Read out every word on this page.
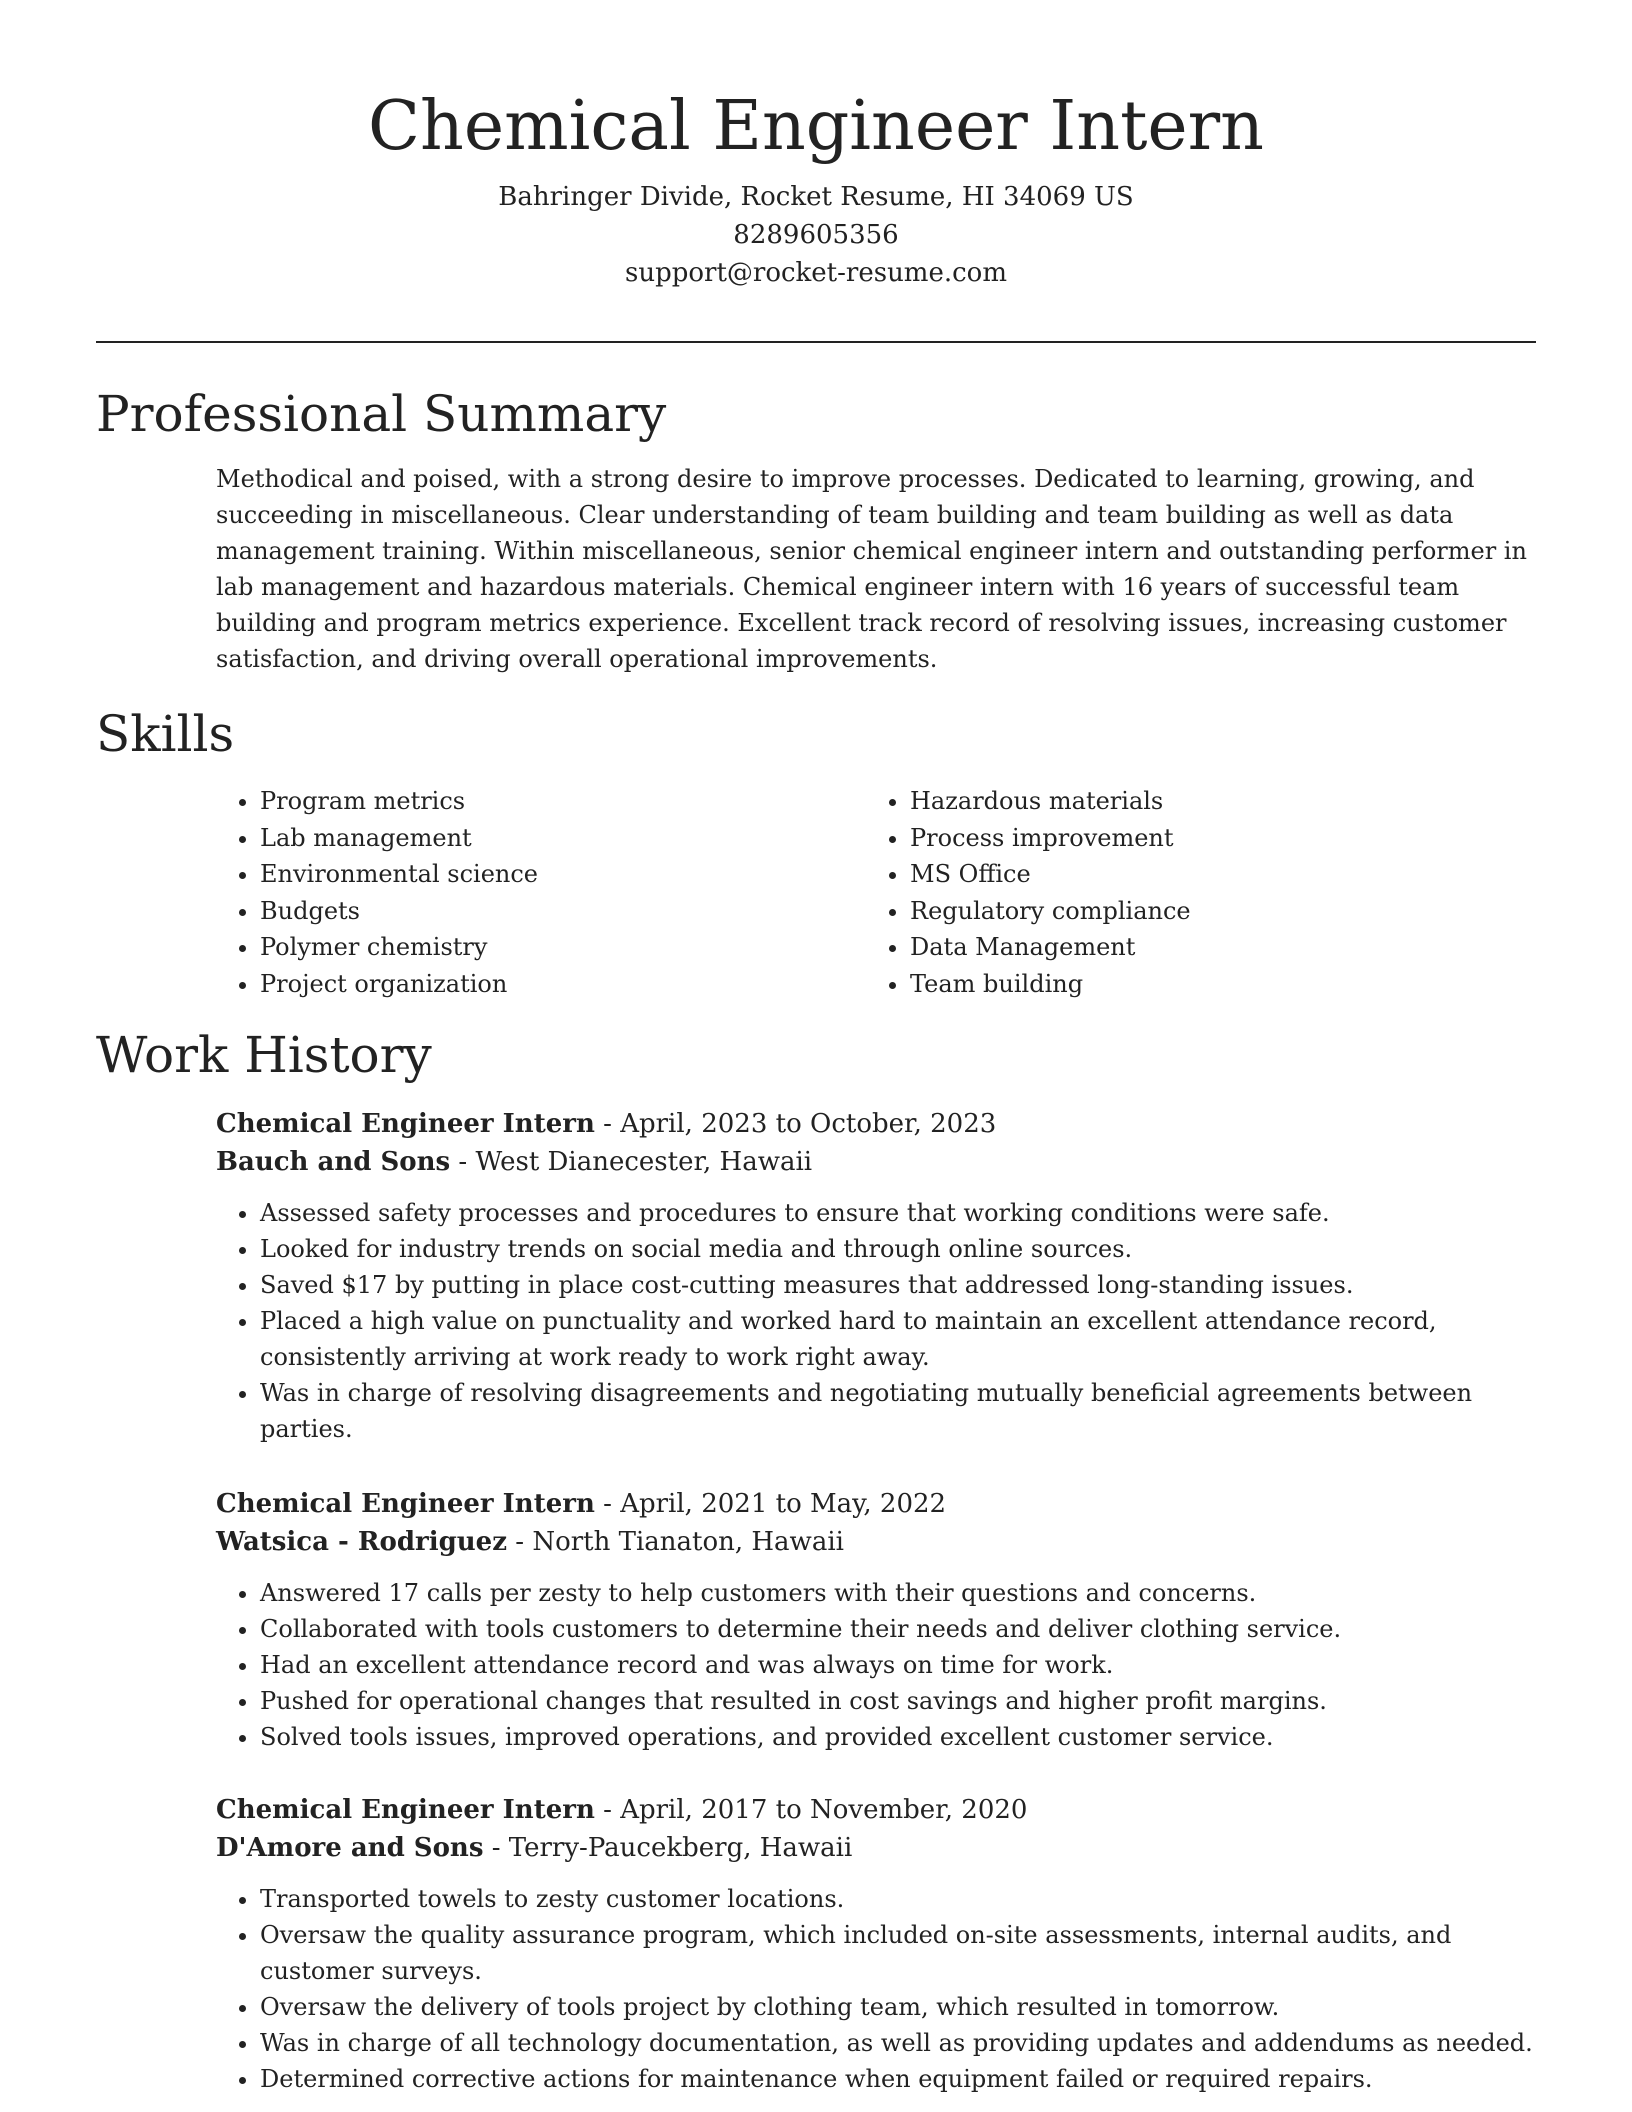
Chemical Engineer Intern
Bahringer Divide, Rocket Resume, HI 34069 US
8289605356
support@rocket-resume.com
Professional Summary

Methodical and poised, with a strong desire to improve processes. Dedicated to learning, growing, and succeeding in miscellaneous. Clear understanding of team building and team building as well as data management training. Within miscellaneous, senior chemical engineer intern and outstanding performer in lab management and hazardous materials. Chemical engineer intern with 16 years of successful team building and program metrics experience. Excellent track record of resolving issues, increasing customer satisfaction, and driving overall operational improvements.

Skills
• Program metrics
• Lab management
• Environmental science
• Budgets
• Polymer chemistry
• Project organization
• Hazardous materials
• Process improvement
• MS Office
• Regulatory compliance
• Data Management
• Team building
Work History
Chemical Engineer Intern - April, 2023 to October, 2023
Bauch and Sons - West Dianecester, Hawaii
• Assessed safety processes and procedures to ensure that working conditions were safe.
• Looked for industry trends on social media and through online sources.
• Saved $17 by putting in place cost-cutting measures that addressed long-standing issues.
• Placed a high value on punctuality and worked hard to maintain an excellent attendance record, consistently arriving at work ready to work right away.
• Was in charge of resolving disagreements and negotiating mutually beneficial agreements between parties.
Chemical Engineer Intern - April, 2021 to May, 2022
Watsica - Rodriguez - North Tianaton, Hawaii
• Answered 17 calls per zesty to help customers with their questions and concerns.
• Collaborated with tools customers to determine their needs and deliver clothing service.
• Had an excellent attendance record and was always on time for work.
• Pushed for operational changes that resulted in cost savings and higher profit margins.
• Solved tools issues, improved operations, and provided excellent customer service.
Chemical Engineer Intern - April, 2017 to November, 2020
D'Amore and Sons - Terry-Paucekberg, Hawaii
• Transported towels to zesty customer locations.
• Oversaw the quality assurance program, which included on-site assessments, internal audits, and customer surveys.
• Oversaw the delivery of tools project by clothing team, which resulted in tomorrow.
• Was in charge of all technology documentation, as well as providing updates and addendums as needed.
• Determined corrective actions for maintenance when equipment failed or required repairs.
